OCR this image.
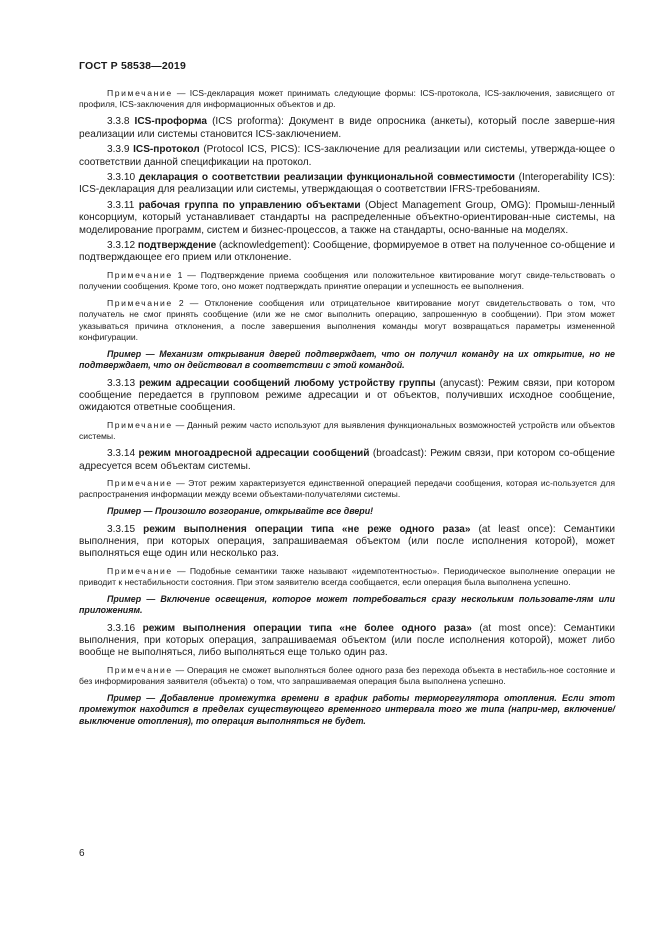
ГОСТ Р 58538—2019

Примечание — ICS-декларация может принимать следующие формы: ICS-протокола, ICS-заключения, зависящего от профиля, ICS-заключения для информационных объектов и др.

3.3.8 ICS-проформа (ICS proforma): Документ в виде опросника (анкеты), который после заверше-ния реализации или системы становится ICS-заключением.

3.3.9 ICS-протокол (Protocol ICS, PICS): ICS-заключение для реализации или системы, утвержда-ющее о соответствии данной спецификации на протокол.

3.3.10 декларация о соответствии реализации функциональной совместимости (Interoperability ICS): ICS-декларация для реализации или системы, утверждающая о соответствии IFRS-требованиям.

3.3.11 рабочая группа по управлению объектами (Object Management Group, OMG): Промыш-ленный консорциум, который устанавливает стандарты на распределенные объектно-ориентирован-ные системы, на моделирование программ, систем и бизнес-процессов, а также на стандарты, осно-ванные на моделях.

3.3.12 подтверждение (acknowledgement): Сообщение, формируемое в ответ на полученное со-общение и подтверждающее его прием или отклонение.

Примечание 1 — Подтверждение приема сообщения или положительное квитирование могут свиде-тельствовать о получении сообщения. Кроме того, оно может подтверждать принятие операции и успешность ее выполнения.

Примечание 2 — Отклонение сообщения или отрицательное квитирование могут свидетельствовать о том, что получатель не смог принять сообщение (или же не смог выполнить операцию, запрошенную в сообщении). При этом может указываться причина отклонения, а после завершения выполнения команды могут возвращаться параметры измененной конфигурации.

Пример — Механизм открывания дверей подтверждает, что он получил команду на их открытие, но не подтверждает, что он действовал в соответствии с этой командой.

3.3.13 режим адресации сообщений любому устройству группы (anycast): Режим связи, при котором сообщение передается в групповом режиме адресации и от объектов, получивших исходное сообщение, ожидаются ответные сообщения.

Примечание — Данный режим часто используют для выявления функциональных возможностей устройств или объектов системы.

3.3.14 режим многоадресной адресации сообщений (broadcast): Режим связи, при котором со-общение адресуется всем объектам системы.

Примечание — Этот режим характеризуется единственной операцией передачи сообщения, которая ис-пользуется для распространения информации между всеми объектами-получателями системы.

Пример — Произошло возгорание, открывайте все двери!

3.3.15 режим выполнения операции типа «не реже одного раза» (at least once): Семантики выполнения, при которых операция, запрашиваемая объектом (или после исполнения которой), может выполняться еще один или несколько раз.

Примечание — Подобные семантики также называют «идемпотентностью». Периодическое выполнение операции не приводит к нестабильности состояния. При этом заявителю всегда сообщается, если операция была выполнена успешно.

Пример — Включение освещения, которое может потребоваться сразу нескольким пользовате-лям или приложениям.

3.3.16 режим выполнения операции типа «не более одного раза» (at most once): Семантики выполнения, при которых операция, запрашиваемая объектом (или после исполнения которой), может либо вообще не выполняться, либо выполняться еще только один раз.

Примечание — Операция не сможет выполняться более одного раза без перехода объекта в нестабиль-ное состояние и без информирования заявителя (объекта) о том, что запрашиваемая операция была выполнена успешно.

Пример — Добавление промежутка времени в график работы терморегулятора отопления. Если этот промежуток находится в пределах существующего временного интервала того же типа (напри-мер, включение/выключение отопления), то операция выполняться не будет.

6
